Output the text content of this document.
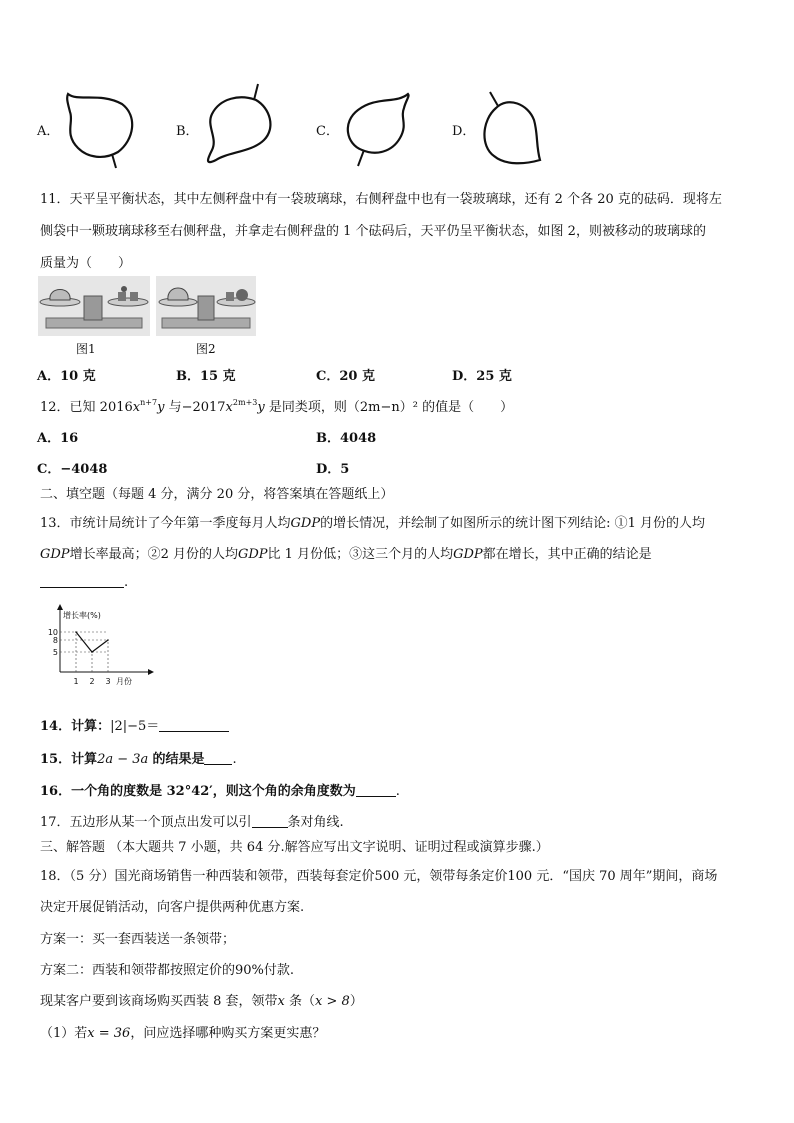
A．	B．	C．	D．
11．天平呈平衡状态，其中左侧秤盘中有一袋玻璃球，右侧秤盘中也有一袋玻璃球，还有 2 个各 20 克的砝码．现将左
侧袋中一颗玻璃球移至右侧秤盘，并拿走右侧秤盘的 1 个砝码后，天平仍呈平衡状态，如图 2，则被移动的玻璃球的
质量为（　　）
图1	图2
A．10 克	B．15 克	C．20 克	D．25 克
12．已知 $2016x^{n+7}y$ 与$-2017x^{2m+3}y$ 是同类项，则（2m−n）² 的值是（　　）
A．16	B．4048
C．−4048	D．5
二、填空题（每题 4 分，满分 20 分，将答案填在答题纸上）
13．市统计局统计了今年第一季度每月人均GDP的增长情况，并绘制了如图所示的统计图下列结论: ①1 月份的人均
GDP增长率最高；②2 月份的人均GDP比 1 月份低；③这三个月的人均GDP都在增长，其中正确的结论是
.
增长率(%)
月份
10
8
5
1 2 3
14．计算：|2|−5＝
15．计算2a − 3a 的结果是 .
16．一个角的度数是 32°42′，则这个角的余角度数为	.
17．五边形从某一个顶点出发可以引	条对角线.
三、解答题 （本大题共 7 小题，共 64 分.解答应写出文字说明、证明过程或演算步骤.）
18．（5 分）国光商场销售一种西装和领带，西装每套定价500 元，领带每条定价100 元．“国庆 70 周年”期间，商场
决定开展促销活动，向客户提供两种优惠方案.
方案一：买一套西装送一条领带；
方案二：西装和领带都按照定价的90%付款.
现某客户要到该商场购买西装 8 套，领带x 条（x > 8）
（1）若x = 36，问应选择哪种购买方案更实惠？
